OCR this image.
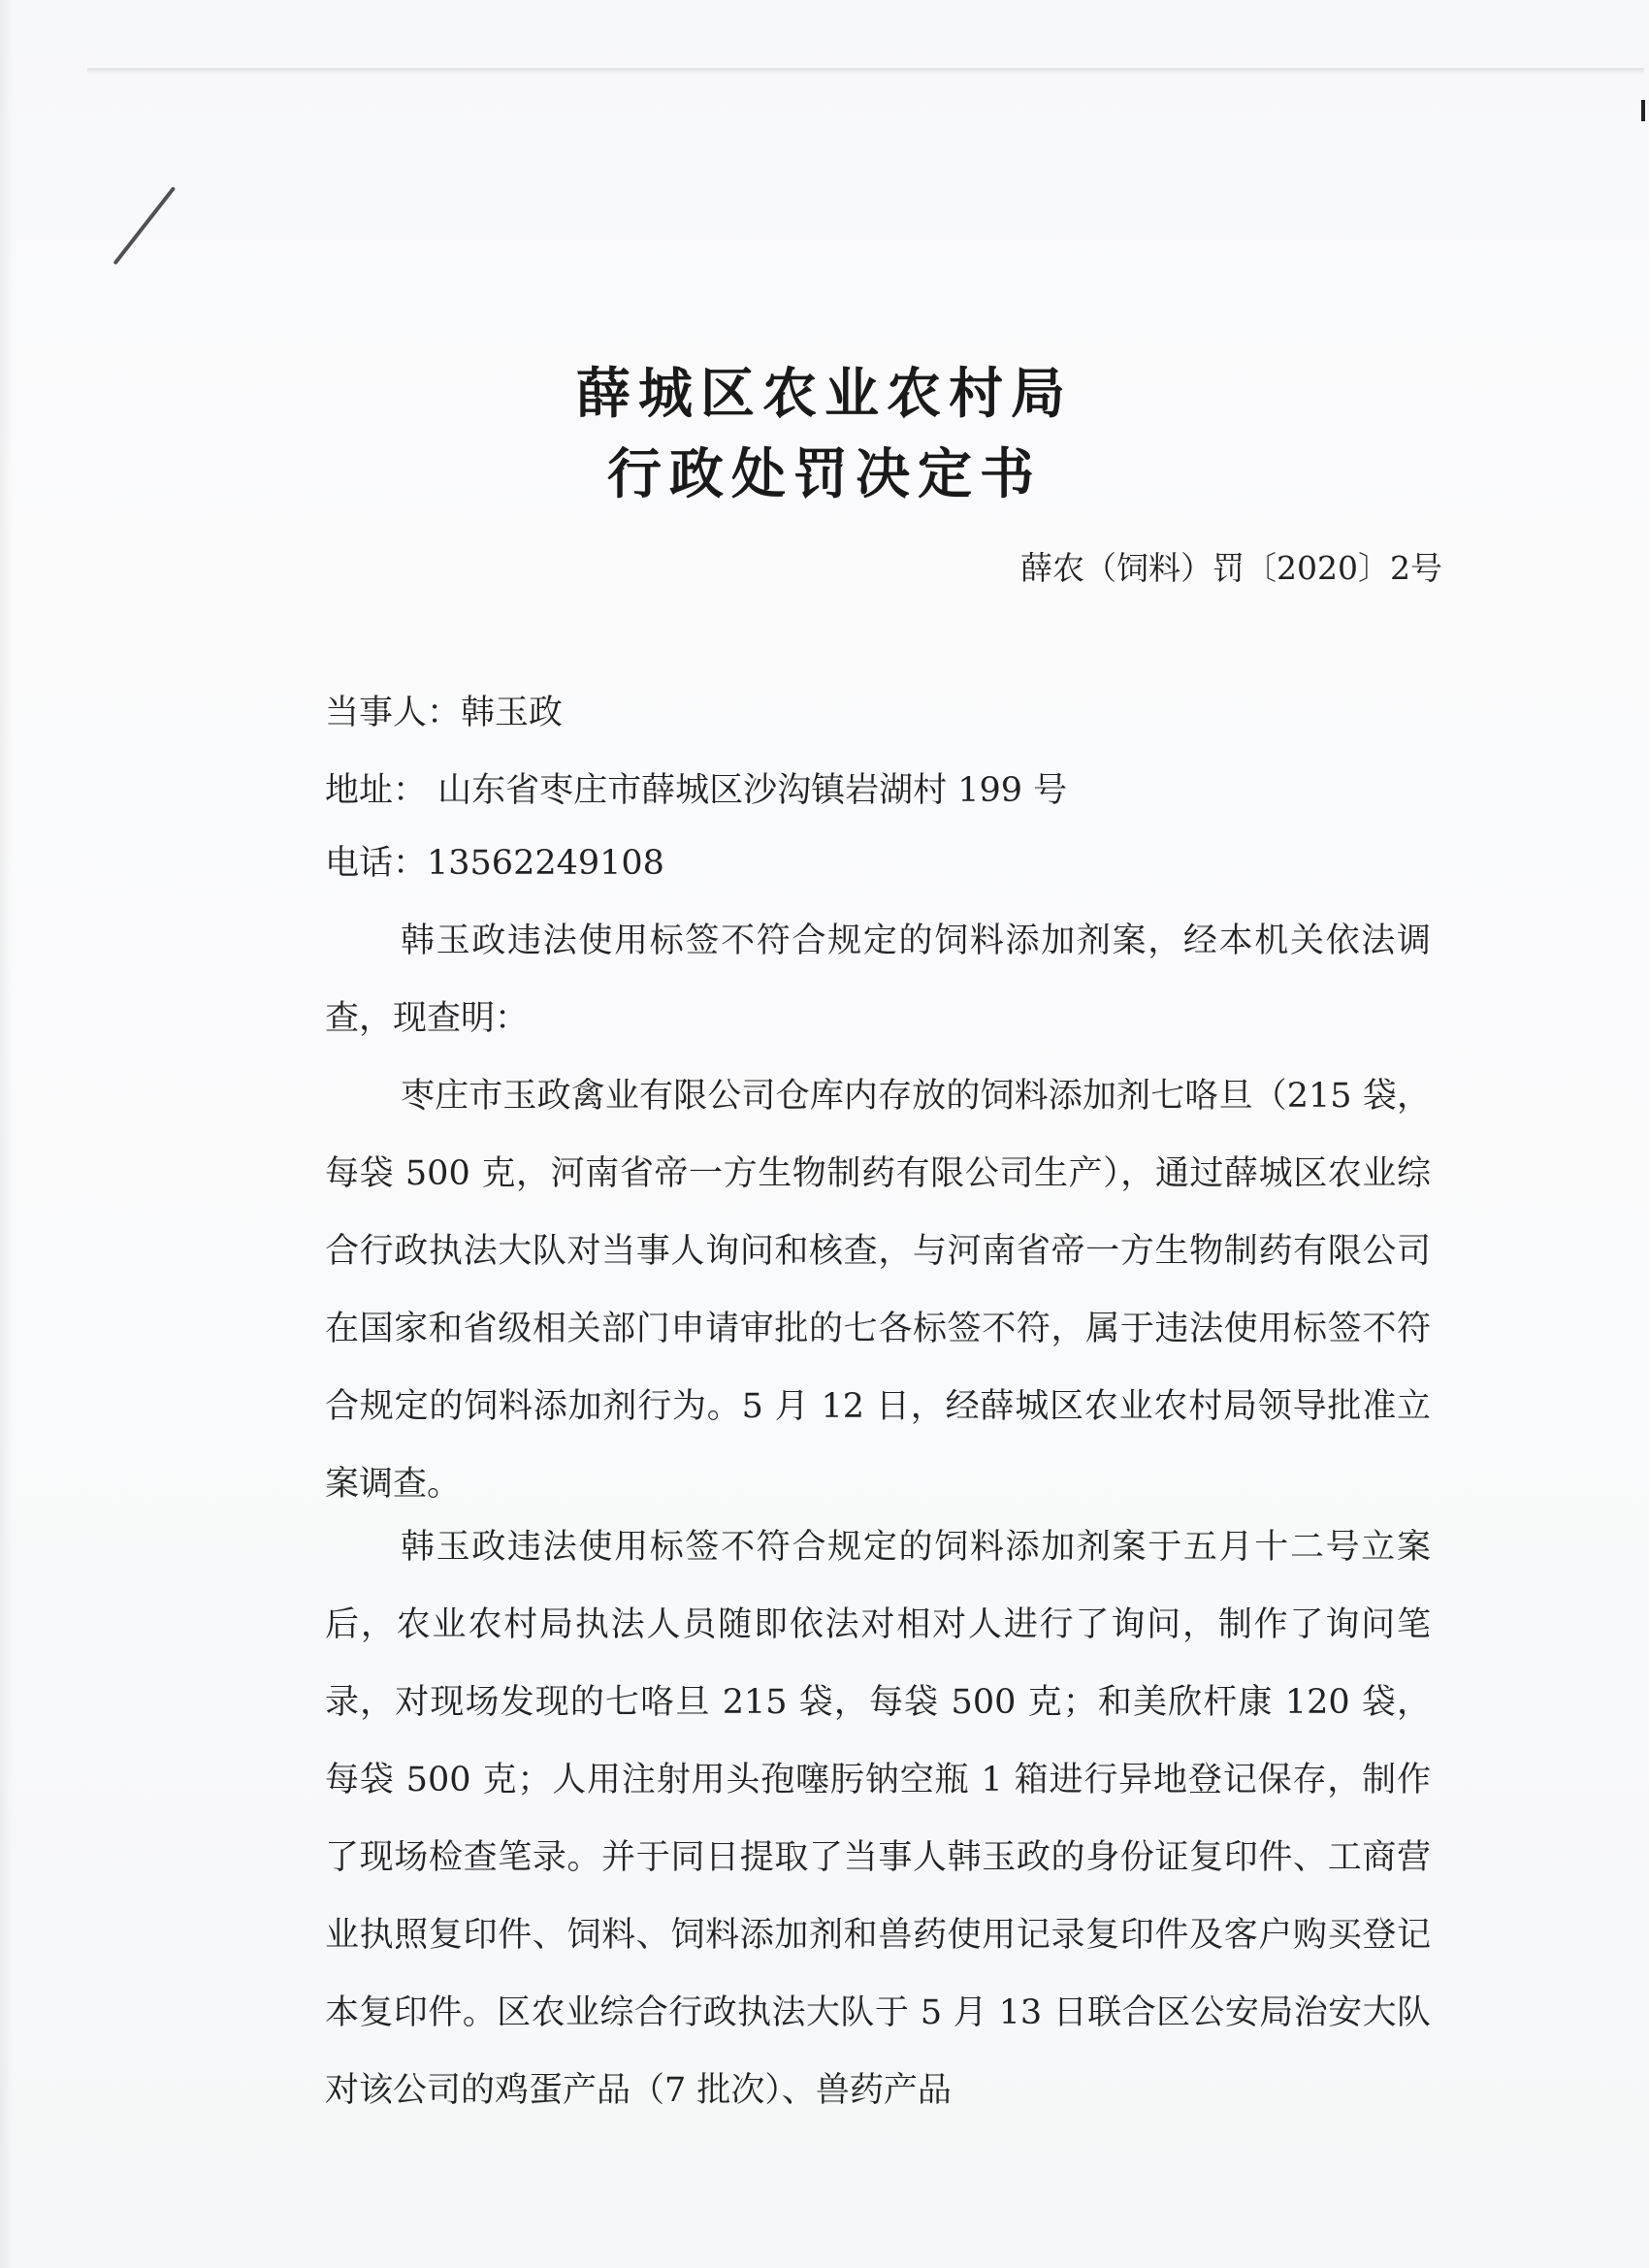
薛城区农业农村局
行政处罚决定书
薛农（饲料）罚〔2020〕2号
当事人：韩玉政
地址： 山东省枣庄市薛城区沙沟镇岩湖村 199 号
电话：13562249108
韩玉政违法使用标签不符合规定的饲料添加剂案，经本机关依法调查，现查明：
枣庄市玉政禽业有限公司仓库内存放的饲料添加剂七咯旦（215 袋，每袋 500 克，河南省帝一方生物制药有限公司生产），通过薛城区农业综合行政执法大队对当事人询问和核查，与河南省帝一方生物制药有限公司在国家和省级相关部门申请审批的七各标签不符，属于违法使用标签不符合规定的饲料添加剂行为。5 月 12 日，经薛城区农业农村局领导批准立案调查。
韩玉政违法使用标签不符合规定的饲料添加剂案于五月十二号立案后，农业农村局执法人员随即依法对相对人进行了询问，制作了询问笔录，对现场发现的七咯旦 215 袋，每袋 500 克；和美欣杆康 120 袋，每袋 500 克；人用注射用头孢噻肟钠空瓶 1 箱进行异地登记保存，制作了现场检查笔录。并于同日提取了当事人韩玉政的身份证复印件、工商营业执照复印件、饲料、饲料添加剂和兽药使用记录复印件及客户购买登记本复印件。区农业综合行政执法大队于 5 月 13 日联合区公安局治安大队对该公司的鸡蛋产品（7 批次）、兽药产品
